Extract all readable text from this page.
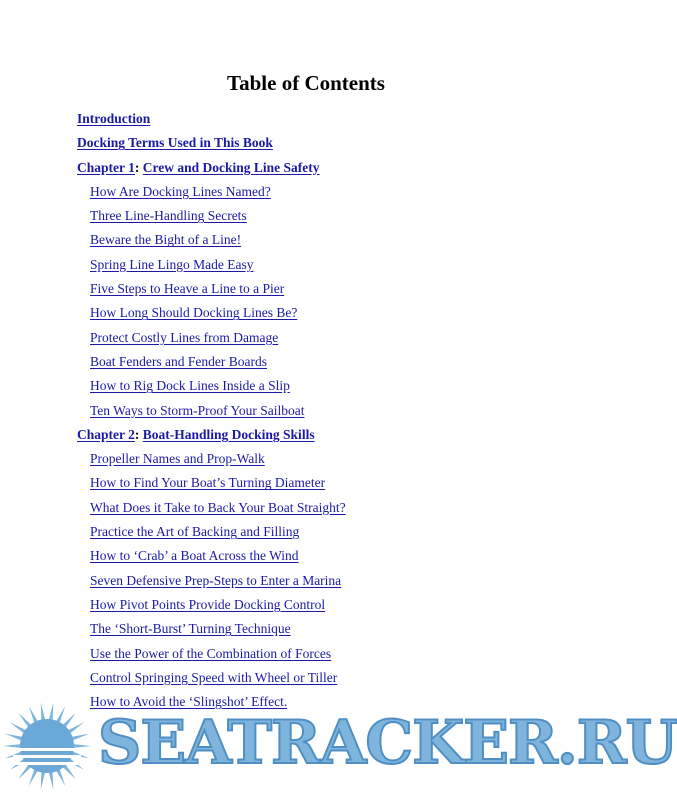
Table of Contents
Introduction
Docking Terms Used in This Book
Chapter 1: Crew and Docking Line Safety
How Are Docking Lines Named?
Three Line-Handling Secrets
Beware the Bight of a Line!
Spring Line Lingo Made Easy
Five Steps to Heave a Line to a Pier
How Long Should Docking Lines Be?
Protect Costly Lines from Damage
Boat Fenders and Fender Boards
How to Rig Dock Lines Inside a Slip
Ten Ways to Storm-Proof Your Sailboat
Chapter 2: Boat-Handling Docking Skills
Propeller Names and Prop-Walk
How to Find Your Boat’s Turning Diameter
What Does it Take to Back Your Boat Straight?
Practice the Art of Backing and Filling
How to ‘Crab’ a Boat Across the Wind
Seven Defensive Prep-Steps to Enter a Marina
How Pivot Points Provide Docking Control
The ‘Short-Burst’ Turning Technique
Use the Power of the Combination of Forces
Control Springing Speed with Wheel or Tiller
How to Avoid the ‘Slingshot’ Effect.
SEATRACKER.RU
